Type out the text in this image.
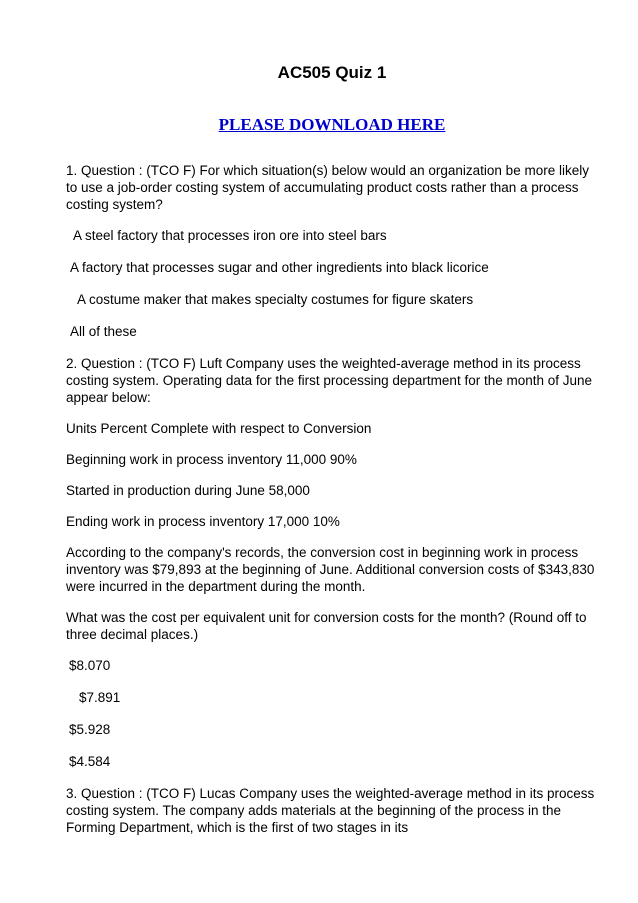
AC505 Quiz 1
PLEASE DOWNLOAD HERE

1. Question : (TCO F) For which situation(s) below would an organization be more likely to use a job-order costing system of accumulating product costs rather than a process costing system?

A steel factory that processes iron ore into steel bars

A factory that processes sugar and other ingredients into black licorice

A costume maker that makes specialty costumes for figure skaters

All of these

2. Question : (TCO F) Luft Company uses the weighted-average method in its process costing system. Operating data for the first processing department for the month of June appear below:

Units Percent Complete with respect to Conversion

Beginning work in process inventory 11,000 90%

Started in production during June 58,000

Ending work in process inventory 17,000 10%

According to the company's records, the conversion cost in beginning work in process inventory was $79,893 at the beginning of June. Additional conversion costs of $343,830 were incurred in the department during the month.

What was the cost per equivalent unit for conversion costs for the month? (Round off to three decimal places.)

$8.070

$7.891

$5.928

$4.584

3. Question : (TCO F) Lucas Company uses the weighted-average method in its process costing system. The company adds materials at the beginning of the process in the Forming Department, which is the first of two stages in its
